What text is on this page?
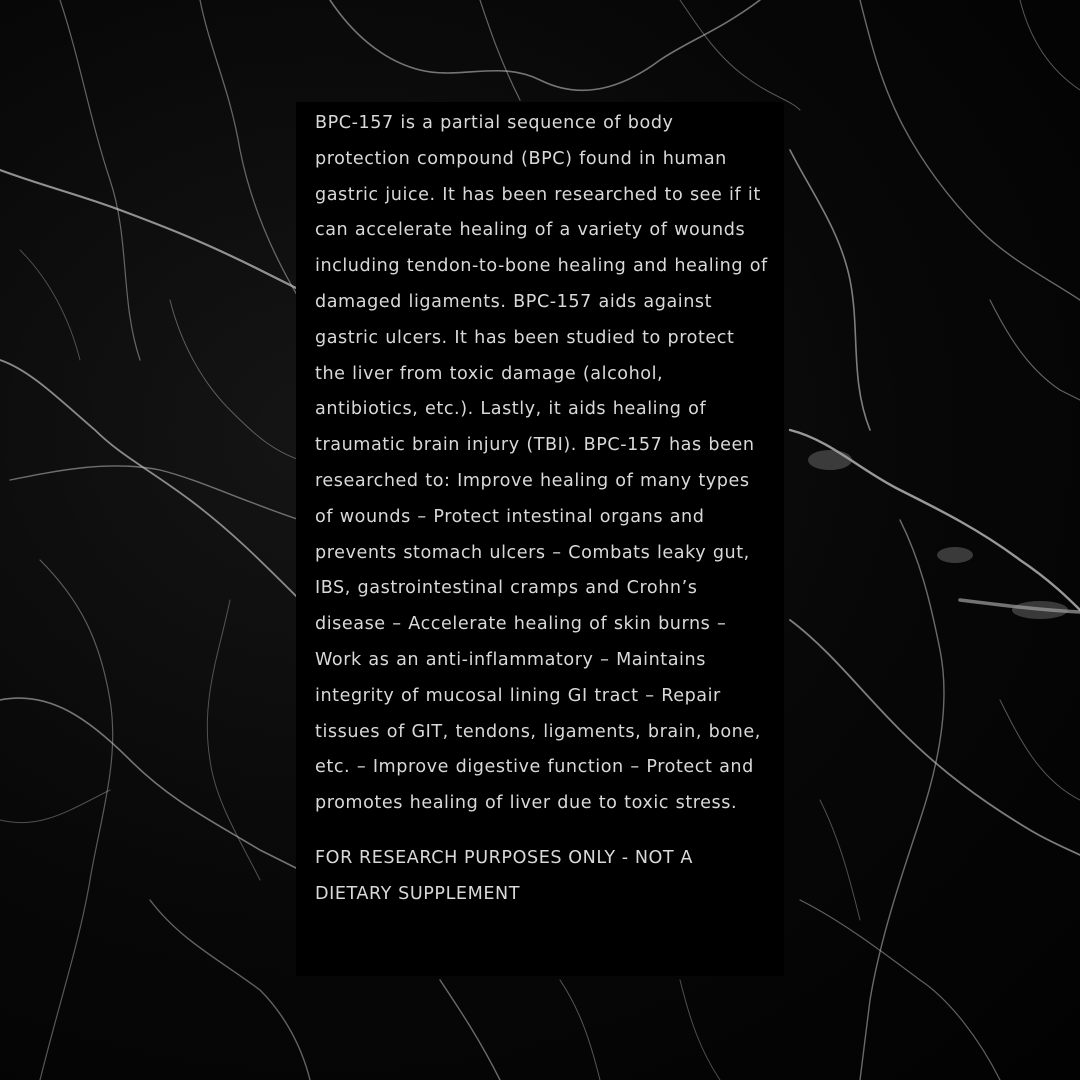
BPC-157 is a partial sequence of body protection compound (BPC) found in human gastric juice. It has been researched to see if it can accelerate healing of a variety of wounds including tendon-to-bone healing and healing of damaged ligaments. BPC-157 aids against gastric ulcers. It has been studied to protect the liver from toxic damage (alcohol, antibiotics, etc.). Lastly, it aids healing of traumatic brain injury (TBI). BPC-157 has been researched to: Improve healing of many types of wounds – Protect intestinal organs and prevents stomach ulcers – Combats leaky gut, IBS, gastrointestinal cramps and Crohn’s disease – Accelerate healing of skin burns – Work as an anti-inflammatory – Maintains integrity of mucosal lining GI tract – Repair tissues of GIT, tendons, ligaments, brain, bone, etc. – Improve digestive function – Protect and promotes healing of liver due to toxic stress.

FOR RESEARCH PURPOSES ONLY - NOT A DIETARY SUPPLEMENT
